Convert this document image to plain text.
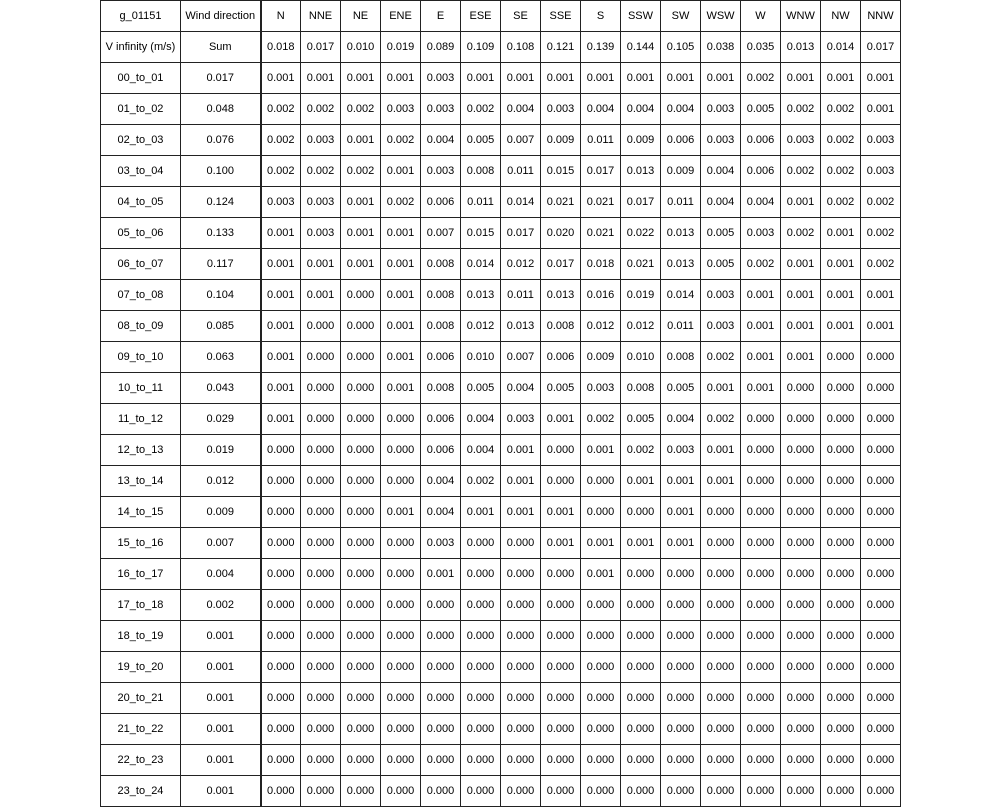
g_01151	Wind direction	N	NNE	NE	ENE	E	ESE	SE	SSE	S	SSW	SW	WSW	W	WNW	NW	NNW
V infinity (m/s)	Sum	0.018	0.017	0.010	0.019	0.089	0.109	0.108	0.121	0.139	0.144	0.105	0.038	0.035	0.013	0.014	0.017
00_to_01	0.017	0.001	0.001	0.001	0.001	0.003	0.001	0.001	0.001	0.001	0.001	0.001	0.001	0.002	0.001	0.001	0.001
01_to_02	0.048	0.002	0.002	0.002	0.003	0.003	0.002	0.004	0.003	0.004	0.004	0.004	0.003	0.005	0.002	0.002	0.001
02_to_03	0.076	0.002	0.003	0.001	0.002	0.004	0.005	0.007	0.009	0.011	0.009	0.006	0.003	0.006	0.003	0.002	0.003
03_to_04	0.100	0.002	0.002	0.002	0.001	0.003	0.008	0.011	0.015	0.017	0.013	0.009	0.004	0.006	0.002	0.002	0.003
04_to_05	0.124	0.003	0.003	0.001	0.002	0.006	0.011	0.014	0.021	0.021	0.017	0.011	0.004	0.004	0.001	0.002	0.002
05_to_06	0.133	0.001	0.003	0.001	0.001	0.007	0.015	0.017	0.020	0.021	0.022	0.013	0.005	0.003	0.002	0.001	0.002
06_to_07	0.117	0.001	0.001	0.001	0.001	0.008	0.014	0.012	0.017	0.018	0.021	0.013	0.005	0.002	0.001	0.001	0.002
07_to_08	0.104	0.001	0.001	0.000	0.001	0.008	0.013	0.011	0.013	0.016	0.019	0.014	0.003	0.001	0.001	0.001	0.001
08_to_09	0.085	0.001	0.000	0.000	0.001	0.008	0.012	0.013	0.008	0.012	0.012	0.011	0.003	0.001	0.001	0.001	0.001
09_to_10	0.063	0.001	0.000	0.000	0.001	0.006	0.010	0.007	0.006	0.009	0.010	0.008	0.002	0.001	0.001	0.000	0.000
10_to_11	0.043	0.001	0.000	0.000	0.001	0.008	0.005	0.004	0.005	0.003	0.008	0.005	0.001	0.001	0.000	0.000	0.000
11_to_12	0.029	0.001	0.000	0.000	0.000	0.006	0.004	0.003	0.001	0.002	0.005	0.004	0.002	0.000	0.000	0.000	0.000
12_to_13	0.019	0.000	0.000	0.000	0.000	0.006	0.004	0.001	0.000	0.001	0.002	0.003	0.001	0.000	0.000	0.000	0.000
13_to_14	0.012	0.000	0.000	0.000	0.000	0.004	0.002	0.001	0.000	0.000	0.001	0.001	0.001	0.000	0.000	0.000	0.000
14_to_15	0.009	0.000	0.000	0.000	0.001	0.004	0.001	0.001	0.001	0.000	0.000	0.001	0.000	0.000	0.000	0.000	0.000
15_to_16	0.007	0.000	0.000	0.000	0.000	0.003	0.000	0.000	0.001	0.001	0.001	0.001	0.000	0.000	0.000	0.000	0.000
16_to_17	0.004	0.000	0.000	0.000	0.000	0.001	0.000	0.000	0.000	0.001	0.000	0.000	0.000	0.000	0.000	0.000	0.000
17_to_18	0.002	0.000	0.000	0.000	0.000	0.000	0.000	0.000	0.000	0.000	0.000	0.000	0.000	0.000	0.000	0.000	0.000
18_to_19	0.001	0.000	0.000	0.000	0.000	0.000	0.000	0.000	0.000	0.000	0.000	0.000	0.000	0.000	0.000	0.000	0.000
19_to_20	0.001	0.000	0.000	0.000	0.000	0.000	0.000	0.000	0.000	0.000	0.000	0.000	0.000	0.000	0.000	0.000	0.000
20_to_21	0.001	0.000	0.000	0.000	0.000	0.000	0.000	0.000	0.000	0.000	0.000	0.000	0.000	0.000	0.000	0.000	0.000
21_to_22	0.001	0.000	0.000	0.000	0.000	0.000	0.000	0.000	0.000	0.000	0.000	0.000	0.000	0.000	0.000	0.000	0.000
22_to_23	0.001	0.000	0.000	0.000	0.000	0.000	0.000	0.000	0.000	0.000	0.000	0.000	0.000	0.000	0.000	0.000	0.000
23_to_24	0.001	0.000	0.000	0.000	0.000	0.000	0.000	0.000	0.000	0.000	0.000	0.000	0.000	0.000	0.000	0.000	0.000
